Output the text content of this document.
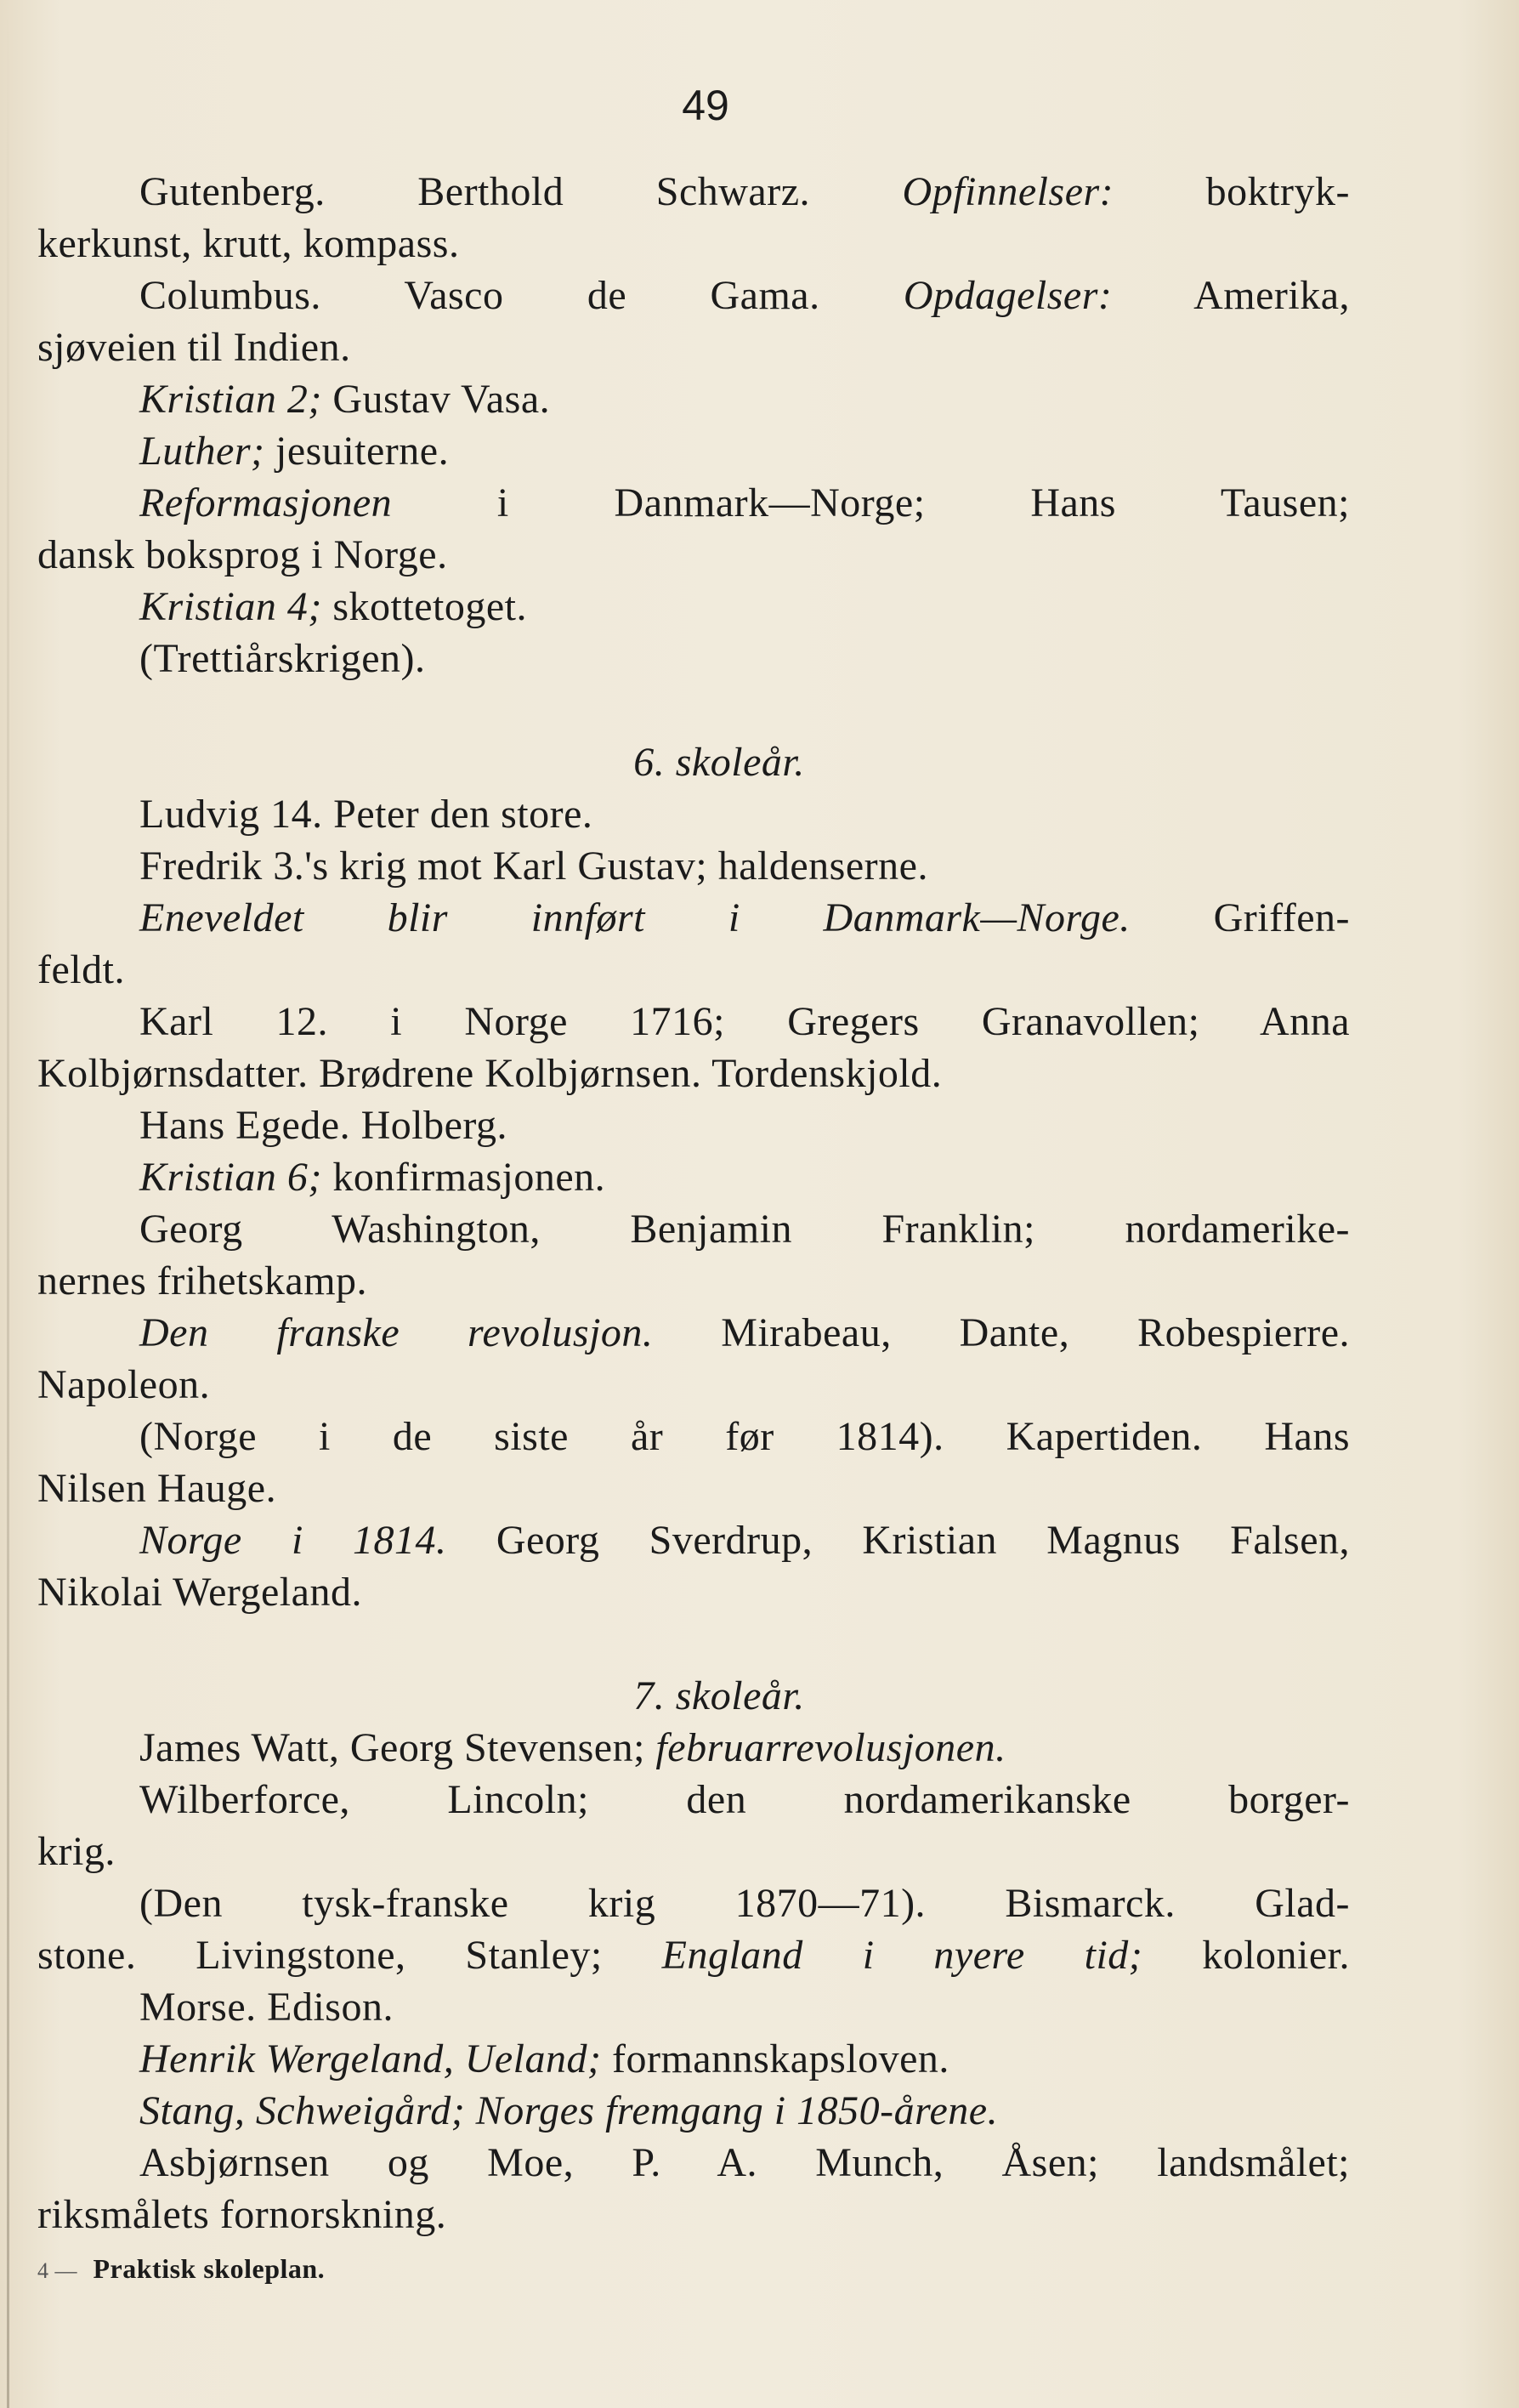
49
Gutenberg. Berthold Schwarz. Opfinnelser: boktryk-
kerkunst, krutt, kompass.
Columbus. Vasco de Gama. Opdagelser: Amerika,
sjøveien til Indien.
Kristian 2; Gustav Vasa.
Luther; jesuiterne.
Reformasjonen i Danmark—Norge; Hans Tausen;
dansk boksprog i Norge.
Kristian 4; skottetoget.
(Trettiårskrigen).
6. skoleår.
Ludvig 14. Peter den store.
Fredrik 3.'s krig mot Karl Gustav; haldenserne.
Eneveldet blir innført i Danmark—Norge. Griffen-
feldt.
Karl 12. i Norge 1716; Gregers Granavollen; Anna
Kolbjørnsdatter. Brødrene Kolbjørnsen. Tordenskjold.
Hans Egede. Holberg.
Kristian 6; konfirmasjonen.
Georg Washington, Benjamin Franklin; nordamerike-
nernes frihetskamp.
Den franske revolusjon. Mirabeau, Dante, Robespierre.
Napoleon.
(Norge i de siste år før 1814). Kapertiden. Hans
Nilsen Hauge.
Norge i 1814. Georg Sverdrup, Kristian Magnus Falsen,
Nikolai Wergeland.
7. skoleår.
James Watt, Georg Stevensen; februarrevolusjonen.
Wilberforce, Lincoln; den nordamerikanske borger-
krig.
(Den tysk-franske krig 1870—71). Bismarck. Glad-
stone. Livingstone, Stanley; England i nyere tid; kolonier.
Morse. Edison.
Henrik Wergeland, Ueland; formannskapsloven.
Stang, Schweigård; Norges fremgang i 1850-årene.
Asbjørnsen og Moe, P. A. Munch, Åsen; landsmålet;
riksmålets fornorskning.
4 — Praktisk skoleplan.
